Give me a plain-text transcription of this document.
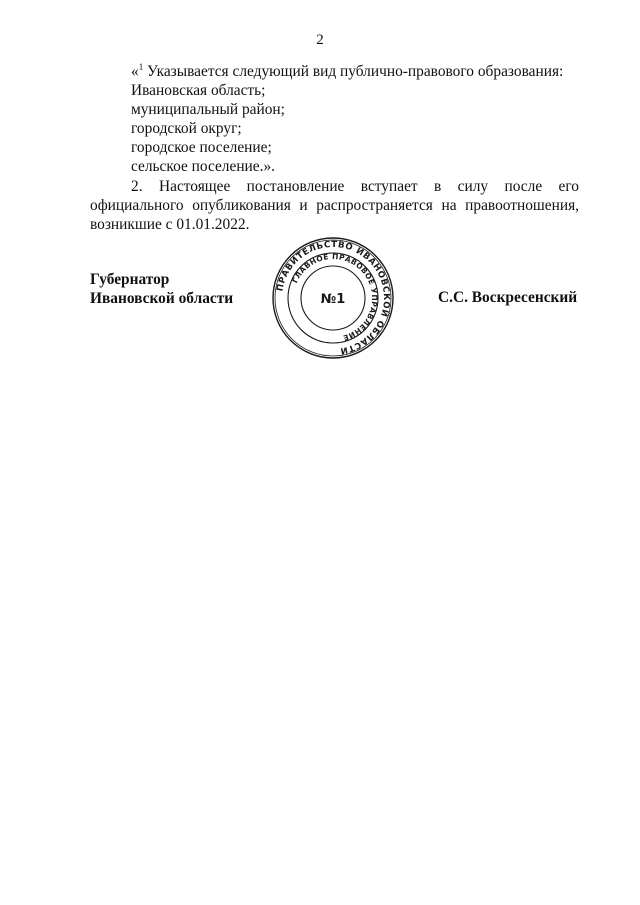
2
«$^1$ Указывается следующий вид публично-правового образования:
Ивановская область;
муниципальный район;
городской округ;
городское поселение;
сельское поселение.».
2.	Настоящее постановление вступает в силу после его
официального опубликования и распространяется на правоотношения,
возникшие с 01.01.2022.
Губернатор
Ивановской области
ПРАВИТЕЛЬСТВО ИВАНОВСКОЙ ОБЛАСТИ
ГЛАВНОЕ ПРАВОВОЕ УПРАВЛЕНИЕ
№1	С.С. Воскресенский
